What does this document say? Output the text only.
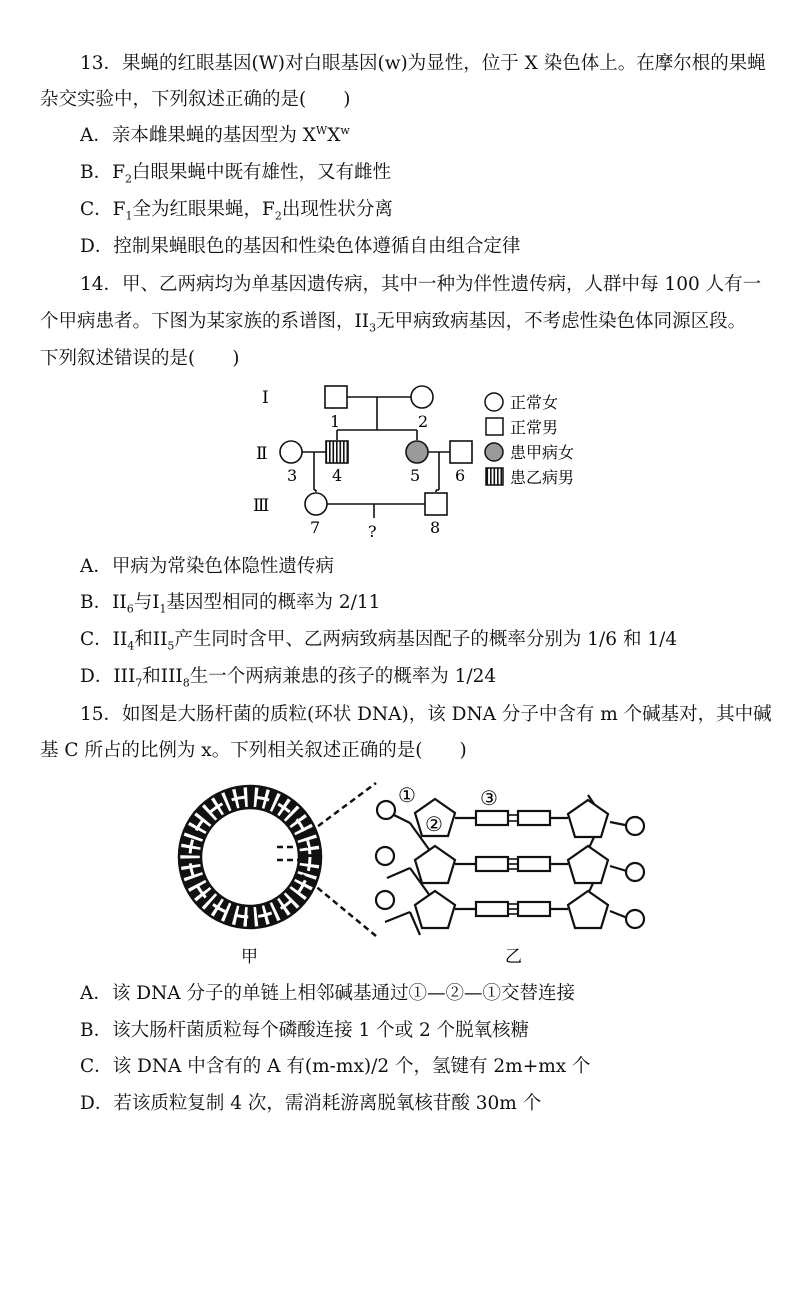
13．果蝇的红眼基因(W)对白眼基因(w)为显性，位于 X 染色体上。在摩尔根的果蝇
杂交实验中，下列叙述正确的是(　　)
A．亲本雌果蝇的基因型为 $X^WX^w$
B．$F_2$白眼果蝇中既有雄性，又有雌性
C．$F_1$全为红眼果蝇，$F_2$出现性状分离
D．控制果蝇眼色的基因和性染色体遵循自由组合定律
14．甲、乙两病均为单基因遗传病，其中一种为伴性遗传病，人群中每 100 人有一
个甲病患者。下图为某家族的系谱图，$II_3$无甲病致病基因，不考虑性染色体同源区段。
下列叙述错误的是(　　)
I
Ⅱ
Ⅲ
1	2
3 4	5 6
7	8
?
正常女
正常男
患甲病女
患乙病男
A．甲病为常染色体隐性遗传病
B．$II_6$与$I_1$基因型相同的概率为 2/11
C．$II_4$和$II_5$产生同时含甲、乙两病致病基因配子的概率分别为 1/6 和 1/4
D．$III_7$和$III_8$生一个两病兼患的孩子的概率为 1/24
15．如图是大肠杆菌的质粒(环状 DNA)，该 DNA 分子中含有 m 个碱基对，其中碱
基 C 所占的比例为 x。下列相关叙述正确的是(　　)
①
②
③
甲	乙
A．该 DNA 分子的单链上相邻碱基通过①—②—①交替连接
B．该大肠杆菌质粒每个磷酸连接 1 个或 2 个脱氧核糖
C．该 DNA 中含有的 A 有(m-mx)/2 个，氢键有 2m+mx 个
D．若该质粒复制 4 次，需消耗游离脱氧核苷酸 30m 个
